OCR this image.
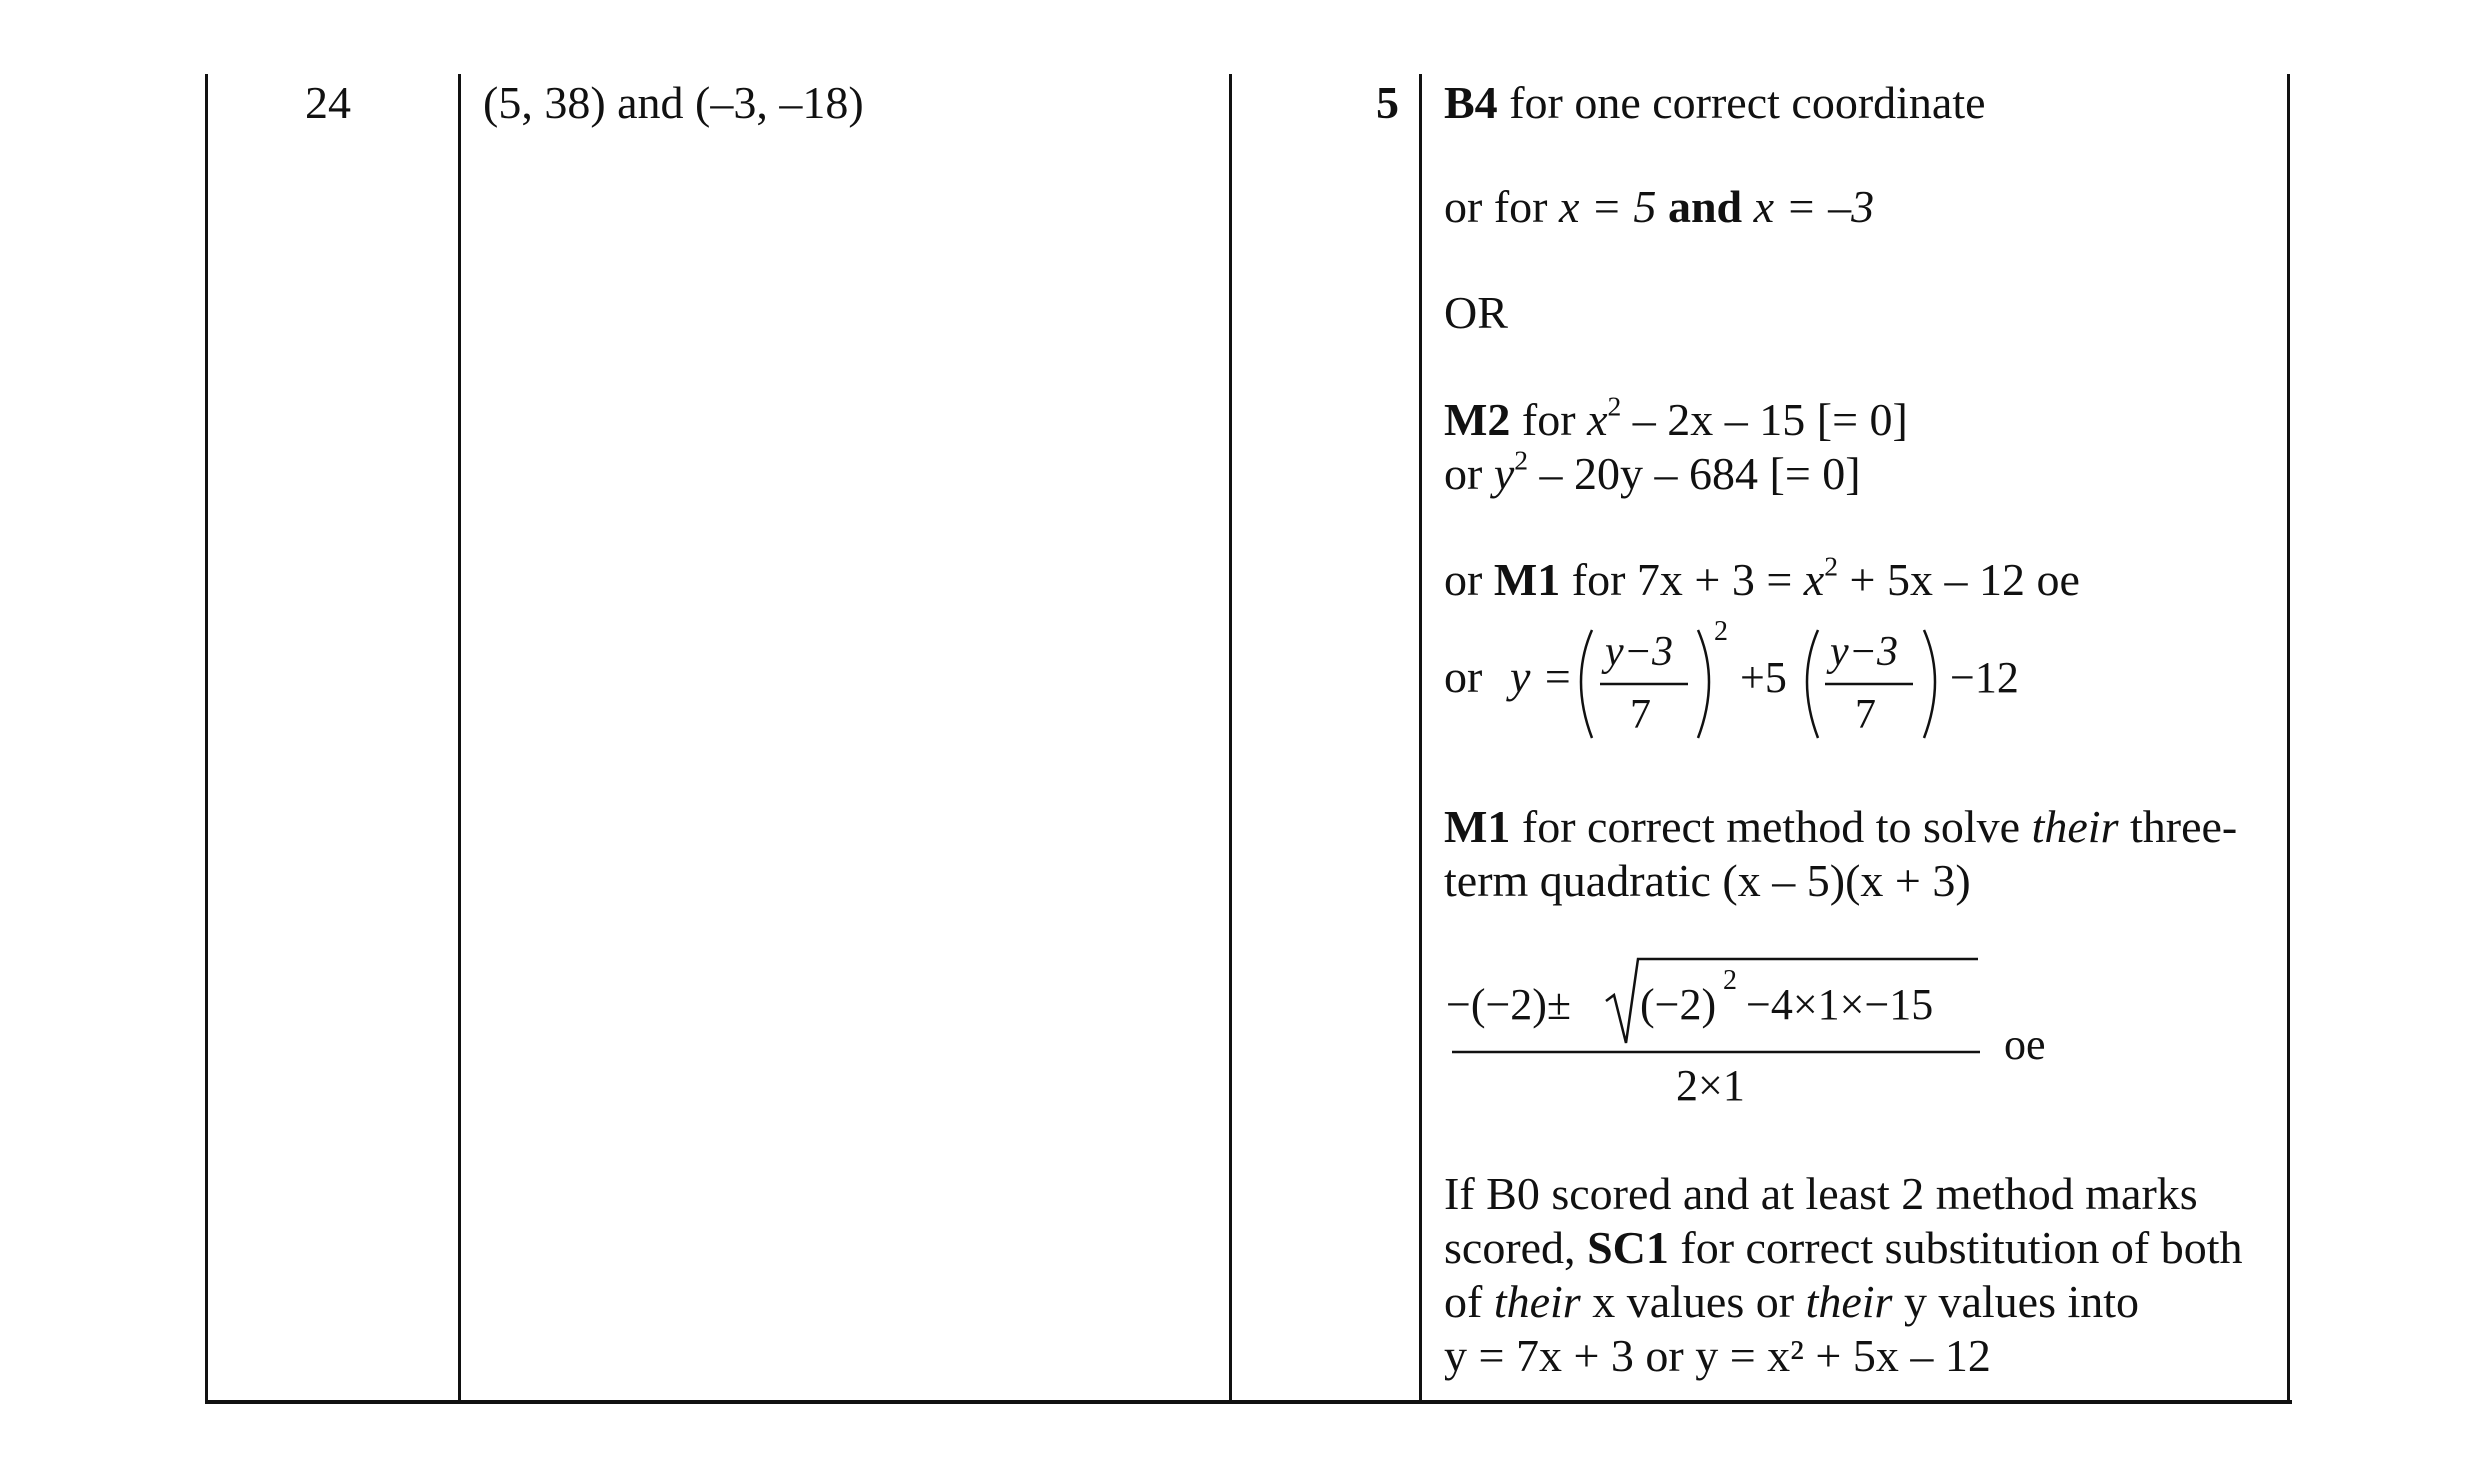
24	(5, 38) and (–3, –18)	5 B4 for one correct coordinate
or for x = 5 and x = –3
OR
M2 for $x^2 - 2x - 15$ [= 0]
or $y^2 - 20y - 684$ [= 0]
or M1 for $7x + 3 = x^2 + 5x - 12$ oe
or y = y−3
7
2
+5
y−3
7
−12
M1 for correct method to solve their three-
term quadratic (x – 5)(x + 3)
−(−2)± (−2) 2 −4×1×−15
2×1
oe
If B0 scored and at least 2 method marks
scored, SC1 for correct substitution of both
of their x values or their y values into
y = 7x + 3 or y = x² + 5x – 12
